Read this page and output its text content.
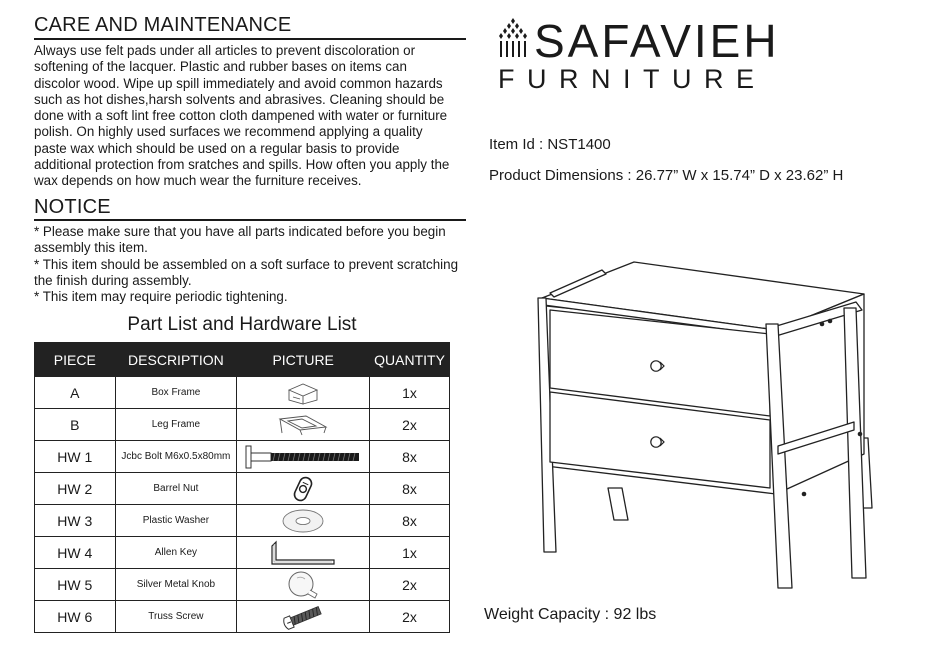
CARE AND MAINTENANCE
Always use felt pads under all articles to prevent discoloration or
softening of the lacquer. Plastic and rubber bases on items can
discolor wood. Wipe up spill immediately and avoid common hazards
such as hot dishes,harsh solvents and abrasives. Cleaning should be
done with a soft lint free cotton cloth dampened with water or furniture
polish. On highly used surfaces we recommend applying a quality
paste wax which should be used on a regular basis to provide
additional protection from sratches and spills. How often you apply the
wax depends on how much wear the furniture receives.
NOTICE
* Please make sure that you have all parts indicated before you begin
assembly this item.
* This item should be assembled on a soft surface to prevent scratching
the finish during assembly.
* This item may require periodic tightening.
Part List and Hardware List
PIECE	DESCRIPTION	PICTURE	QUANTITY
A	Box Frame		1x
B	Leg Frame		2x
HW 1	Jcbc Bolt M6x0.5x80mm		8x
HW 2	Barrel Nut		8x
HW 3	Plastic Washer		8x
HW 4	Allen Key		1x
HW 5	Silver Metal Knob		2x
HW 6	Truss Screw		2x
SAFAVIEH
FURNITURE
Item Id : NST1400
Product Dimensions : 26.77” W x 15.74” D x 23.62” H
Weight Capacity : 92 lbs
